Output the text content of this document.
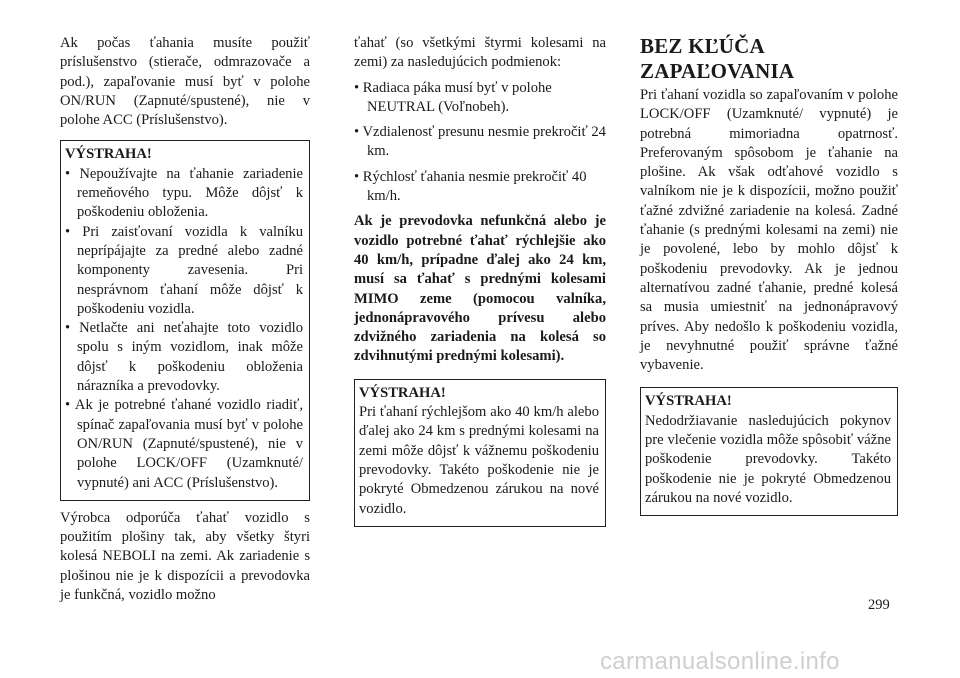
Ak počas ťahania musíte použiť príslušenstvo (stierače, odmrazovače a pod.), zapaľovanie musí byť v polohe ON/RUN (Zapnuté/spustené), nie v polohe ACC (Príslušenstvo).

VÝSTRAHA!

• Nepoužívajte na ťahanie zariadenie remeňového typu. Môže dôjsť k poškodeniu obloženia.
• Pri zaisťovaní vozidla k valníku neprípájajte za predné alebo zadné komponenty zavesenia. Pri nesprávnom ťahaní môže dôjsť k poškodeniu vozidla.
• Netlačte ani neťahajte toto vozidlo spolu s iným vozidlom, inak môže dôjsť k poškodeniu obloženia nárazníka a prevodovky.
• Ak je potrebné ťahané vozidlo riadiť, spínač zapaľovania musí byť v polohe ON/RUN (Zapnuté/spustené), nie v polohe LOCK/OFF (Uzamknuté/ vypnuté) ani ACC (Príslušenstvo).

Výrobca odporúča ťahať vozidlo s použitím plošiny tak, aby všetky štyri kolesá NEBOLI na zemi. Ak zariadenie s plošinou nie je k dispozícii a prevodovka je funkčná, vozidlo možno

ťahať (so všetkými štyrmi kolesami na zemi) za nasledujúcich podmienok:

• Radiaca páka musí byť v polohe NEUTRAL (Voľnobeh).
• Vzdialenosť presunu nesmie prekročiť 24 km.
• Rýchlosť ťahania nesmie prekročiť 40 km/h.

Ak je prevodovka nefunkčná alebo je vozidlo potrebné ťahať rýchlejšie ako 40 km/h, prípadne ďalej ako 24 km, musí sa ťahať s prednými kolesami MIMO zeme (pomocou valníka, jednonápravového prívesu alebo zdvižného zariadenia na kolesá so zdvihnutými prednými kolesami).

VÝSTRAHA!

Pri ťahaní rýchlejšom ako 40 km/h alebo ďalej ako 24 km s prednými kolesami na zemi môže dôjsť k vážnemu poškodeniu prevodovky. Takéto poškodenie nie je pokryté Obmedzenou zárukou na nové vozidlo.

BEZ KĽÚČA ZAPAĽOVANIA

Pri ťahaní vozidla so zapaľovaním v polohe LOCK/OFF (Uzamknuté/ vypnuté) je potrebná mimoriadna opatrnosť. Preferovaným spôsobom je ťahanie na plošine. Ak však odťahové vozidlo s valníkom nie je k dispozícii, možno použiť ťažné zdvižné zariadenie na kolesá. Zadné ťahanie (s prednými kolesami na zemi) nie je povolené, lebo by mohlo dôjsť k poškodeniu prevodovky. Ak je jednou alternatívou zadné ťahanie, predné kolesá sa musia umiestniť na jednonápravový príves. Aby nedošlo k poškodeniu vozidla, je nevyhnutné použiť správne ťažné vybavenie.

VÝSTRAHA!

Nedodržiavanie nasledujúcich pokynov pre vlečenie vozidla môže spôsobiť vážne poškodenie prevodovky. Takéto poškodenie nie je pokryté Obmedzenou zárukou na nové vozidlo.

299
carmanualsonline.info
